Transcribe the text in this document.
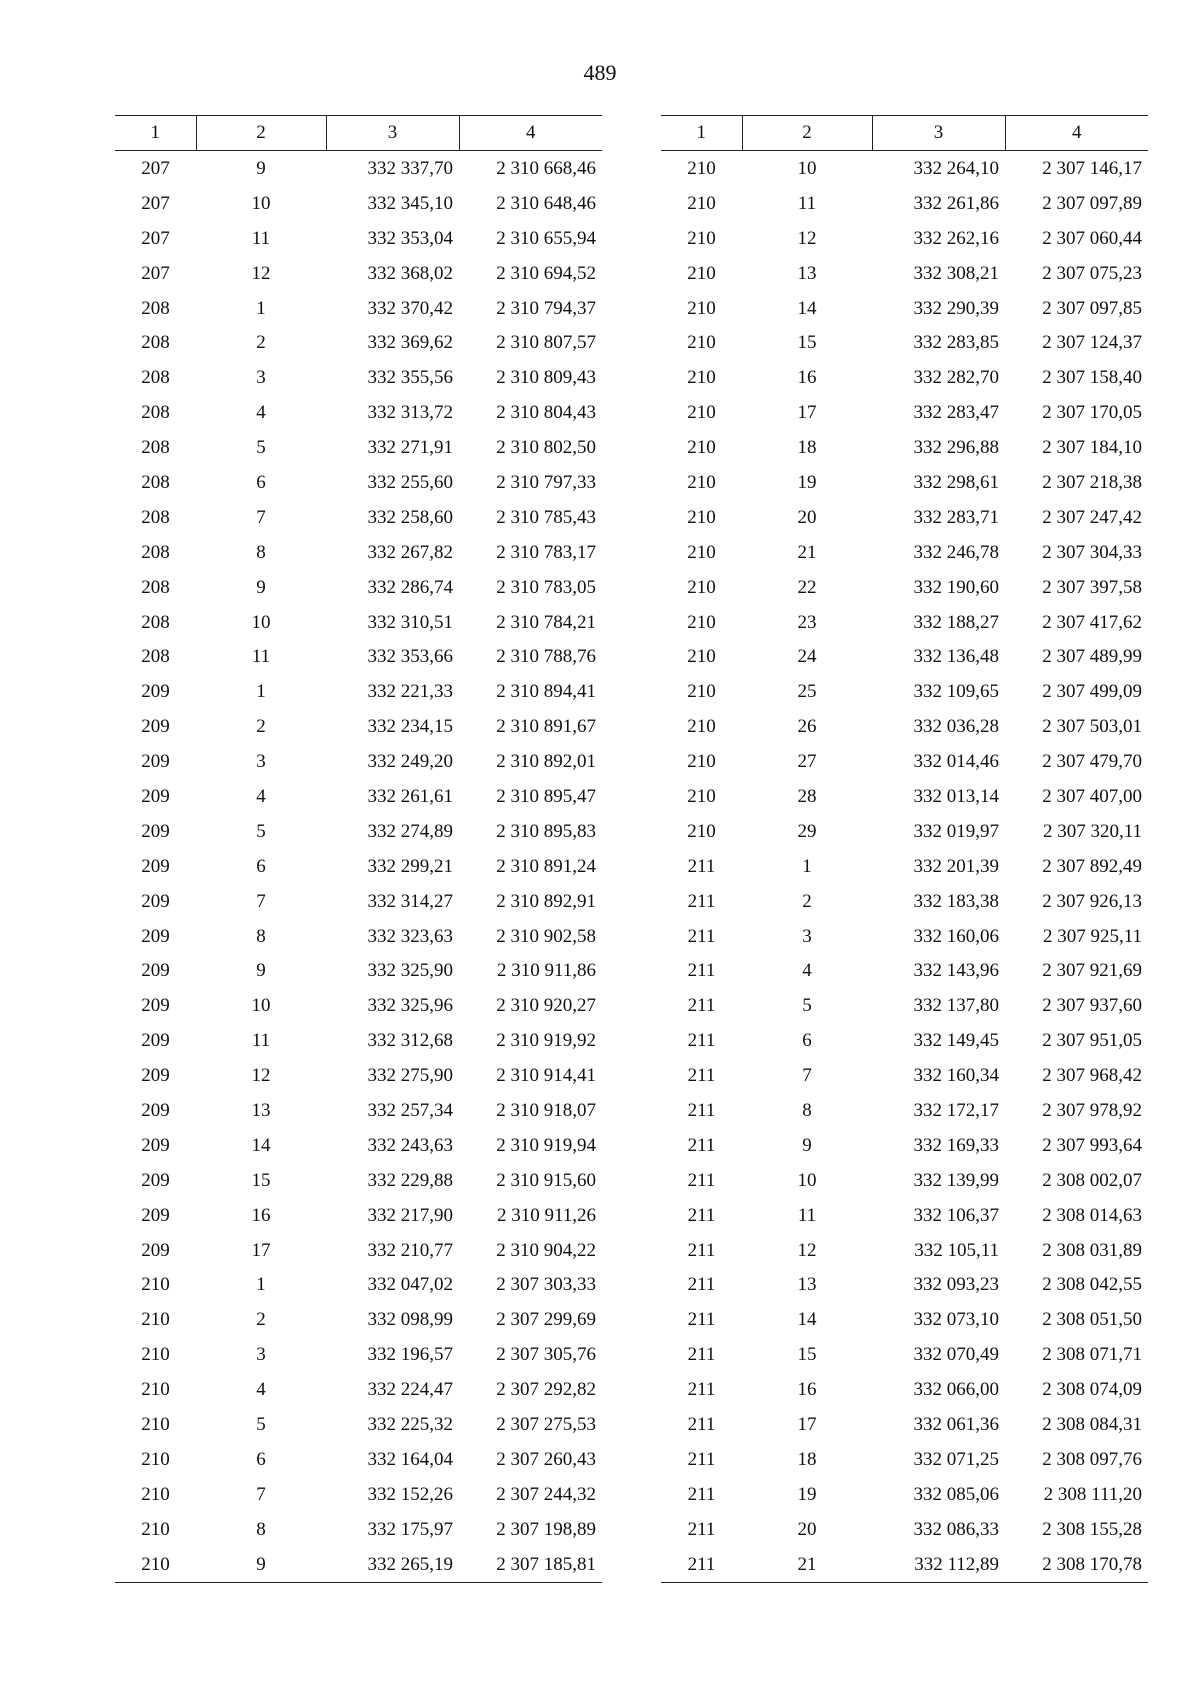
489
1	2	3	4
207	9	332 337,70	2 310 668,46
207	10	332 345,10	2 310 648,46
207	11	332 353,04	2 310 655,94
207	12	332 368,02	2 310 694,52
208	1	332 370,42	2 310 794,37
208	2	332 369,62	2 310 807,57
208	3	332 355,56	2 310 809,43
208	4	332 313,72	2 310 804,43
208	5	332 271,91	2 310 802,50
208	6	332 255,60	2 310 797,33
208	7	332 258,60	2 310 785,43
208	8	332 267,82	2 310 783,17
208	9	332 286,74	2 310 783,05
208	10	332 310,51	2 310 784,21
208	11	332 353,66	2 310 788,76
209	1	332 221,33	2 310 894,41
209	2	332 234,15	2 310 891,67
209	3	332 249,20	2 310 892,01
209	4	332 261,61	2 310 895,47
209	5	332 274,89	2 310 895,83
209	6	332 299,21	2 310 891,24
209	7	332 314,27	2 310 892,91
209	8	332 323,63	2 310 902,58
209	9	332 325,90	2 310 911,86
209	10	332 325,96	2 310 920,27
209	11	332 312,68	2 310 919,92
209	12	332 275,90	2 310 914,41
209	13	332 257,34	2 310 918,07
209	14	332 243,63	2 310 919,94
209	15	332 229,88	2 310 915,60
209	16	332 217,90	2 310 911,26
209	17	332 210,77	2 310 904,22
210	1	332 047,02	2 307 303,33
210	2	332 098,99	2 307 299,69
210	3	332 196,57	2 307 305,76
210	4	332 224,47	2 307 292,82
210	5	332 225,32	2 307 275,53
210	6	332 164,04	2 307 260,43
210	7	332 152,26	2 307 244,32
210	8	332 175,97	2 307 198,89
210	9	332 265,19	2 307 185,81
1	2	3	4
210	10	332 264,10	2 307 146,17
210	11	332 261,86	2 307 097,89
210	12	332 262,16	2 307 060,44
210	13	332 308,21	2 307 075,23
210	14	332 290,39	2 307 097,85
210	15	332 283,85	2 307 124,37
210	16	332 282,70	2 307 158,40
210	17	332 283,47	2 307 170,05
210	18	332 296,88	2 307 184,10
210	19	332 298,61	2 307 218,38
210	20	332 283,71	2 307 247,42
210	21	332 246,78	2 307 304,33
210	22	332 190,60	2 307 397,58
210	23	332 188,27	2 307 417,62
210	24	332 136,48	2 307 489,99
210	25	332 109,65	2 307 499,09
210	26	332 036,28	2 307 503,01
210	27	332 014,46	2 307 479,70
210	28	332 013,14	2 307 407,00
210	29	332 019,97	2 307 320,11
211	1	332 201,39	2 307 892,49
211	2	332 183,38	2 307 926,13
211	3	332 160,06	2 307 925,11
211	4	332 143,96	2 307 921,69
211	5	332 137,80	2 307 937,60
211	6	332 149,45	2 307 951,05
211	7	332 160,34	2 307 968,42
211	8	332 172,17	2 307 978,92
211	9	332 169,33	2 307 993,64
211	10	332 139,99	2 308 002,07
211	11	332 106,37	2 308 014,63
211	12	332 105,11	2 308 031,89
211	13	332 093,23	2 308 042,55
211	14	332 073,10	2 308 051,50
211	15	332 070,49	2 308 071,71
211	16	332 066,00	2 308 074,09
211	17	332 061,36	2 308 084,31
211	18	332 071,25	2 308 097,76
211	19	332 085,06	2 308 111,20
211	20	332 086,33	2 308 155,28
211	21	332 112,89	2 308 170,78
